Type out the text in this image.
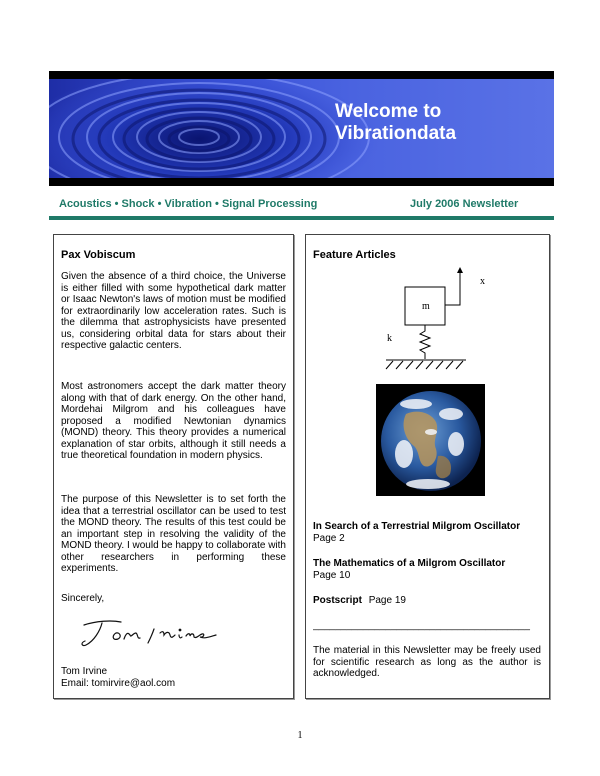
Welcome to
Vibrationdata
Acoustics • Shock • Vibration • Signal Processing	July 2006 Newsletter
Pax Vobiscum
Given the absence of a third choice, the Universe is either filled with some hypothetical dark matter or Isaac Newton's laws of motion must be modified for extraordinarily low acceleration rates. Such is the dilemma that astrophysicists have presented us, considering orbital data for stars about their respective galactic centers.
Most astronomers accept the dark matter theory along with that of dark energy. On the other hand, Mordehai Milgrom and his colleagues have proposed a modified Newtonian dynamics (MOND) theory. This theory provides a numerical explanation of star orbits, although it still needs a true theoretical foundation in modern physics.
The purpose of this Newsletter is to set forth the idea that a terrestrial oscillator can be used to test the MOND theory. The results of this test could be an important step in resolving the validity of the MOND theory. I would be happy to collaborate with other researchers in performing these experiments.
Sincerely,
Tom Irvine
Email: tomirvire@aol.com
Feature Articles
x
m
k
In Search of a Terrestrial Milgrom Oscillator
Page 2
The Mathematics of a Milgrom Oscillator
Page 10
Postscript Page 19
_______________________________________
The material in this Newsletter may be freely used for scientific research as long as the author is acknowledged.
1
